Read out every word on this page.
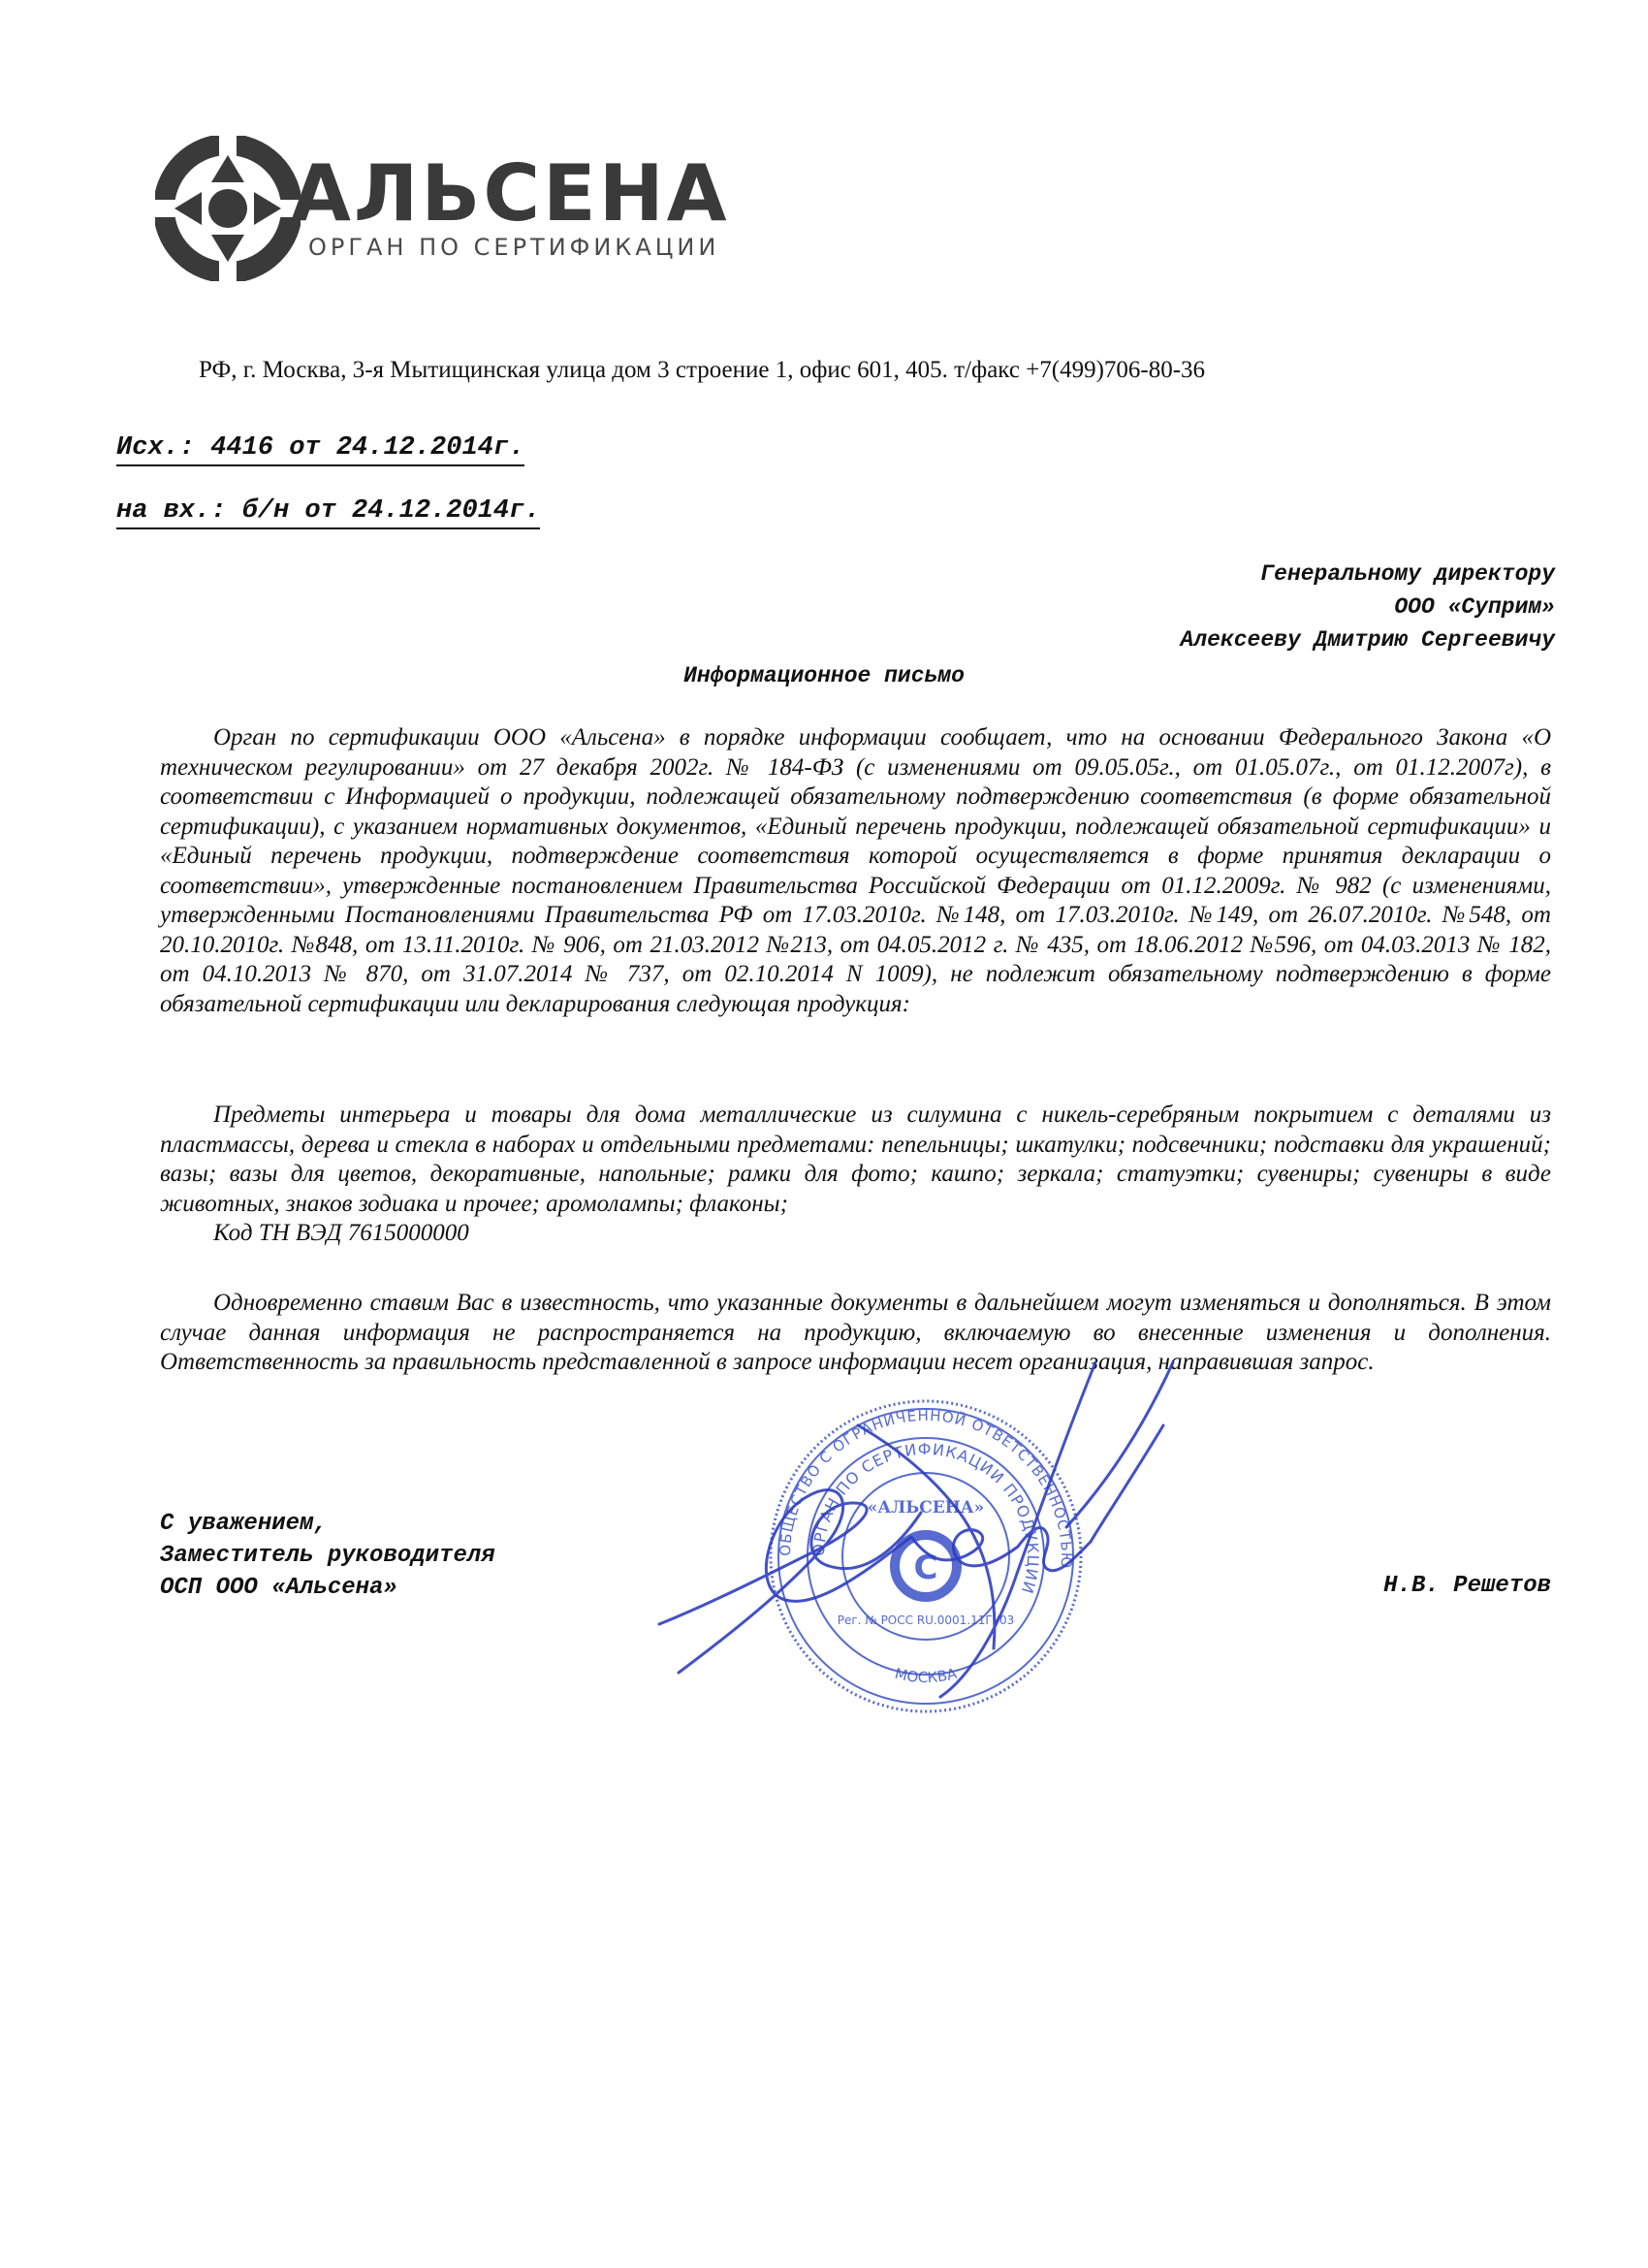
АЛЬСЕНА
ОРГАН ПО СЕРТИФИКАЦИИ
РФ, г. Москва, 3-я Мытищинская улица дом 3 строение 1, офис 601, 405. т/факс +7(499)706-80-36
Исх.: 4416 от 24.12.2014г.
на вх.: б/н от 24.12.2014г.
Генеральному директору
ООО «Суприм»
Алексееву Дмитрию Сергеевичу
Информационное письмо
Орган по сертификации ООО «Альсена» в порядке информации сообщает, что на основании Федерального Закона «О техническом регулировании» от 27 декабря 2002г. № 184-ФЗ (с изменениями от 09.05.05г., от 01.05.07г., от 01.12.2007г), в соответствии с Информацией о продукции, подлежащей обязательному подтверждению соответствия (в форме обязательной сертификации), с указанием нормативных документов, «Единый перечень продукции, подлежащей обязательной сертификации» и «Единый перечень продукции, подтверждение соответствия которой осуществляется в форме принятия декларации о соответствии», утвержденные постановлением Правительства Российской Федерации от 01.12.2009г. № 982 (с изменениями, утвержденными Постановлениями Правительства РФ от 17.03.2010г. №148, от 17.03.2010г. №149, от 26.07.2010г. №548, от 20.10.2010г. №848, от 13.11.2010г. № 906, от 21.03.2012 №213, от 04.05.2012 г. № 435, от 18.06.2012 №596, от 04.03.2013 № 182, от 04.10.2013 № 870, от 31.07.2014 № 737, от 02.10.2014 N 1009), не подлежит обязательному подтверждению в форме обязательной сертификации или декларирования следующая продукция:
Предметы интерьера и товары для дома металлические из силумина с никель-серебряным покрытием с деталями из пластмассы, дерева и стекла в наборах и отдельными предметами: пепельницы; шкатулки; подсвечники; подставки для украшений; вазы; вазы для цветов, декоративные, напольные; рамки для фото; кашпо; зеркала; статуэтки; сувениры; сувениры в виде животных, знаков зодиака и прочее; аромолампы; флаконы;
Код ТН ВЭД 7615000000
Одновременно ставим Вас в известность, что указанные документы в дальнейшем могут изменяться и дополняться. В этом случае данная информация не распространяется на продукцию, включаемую во внесенные изменения и дополнения. Ответственность за правильность представленной в запросе информации несет организация, направившая запрос.
С уважением,
Заместитель руководителя
ОСП ООО «Альсена»	Н.В. Решетов
ОБЩЕСТВО С ОГРАНИЧЕННОЙ ОТВЕТСТВЕННОСТЬЮ
ОРГАН ПО СЕРТИФИКАЦИИ ПРОДУКЦИИ
МОСКВА
«АЛЬСЕНА»
С
Рег. № РОСС RU.0001.11ГУ03
